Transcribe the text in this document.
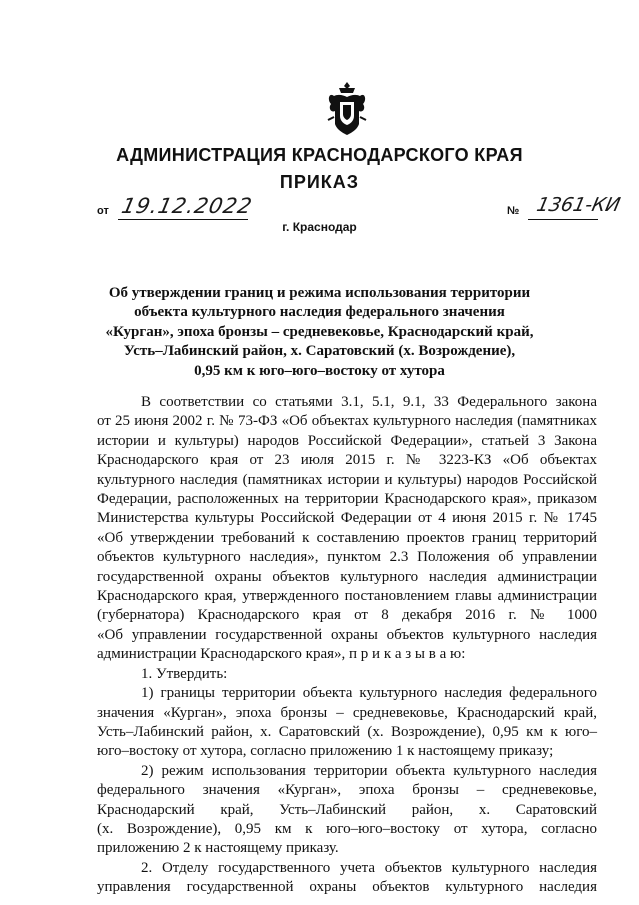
АДМИНИСТРАЦИЯ КРАСНОДАРСКОГО КРАЯ
ПРИКАЗ
от 19.12.2022
г. Краснодар
№ 1361-КИ
Об утверждении границ и режима использования территории
объекта культурного наследия федерального значения
«Курган», эпоха бронзы – средневековье, Краснодарский край,
Усть–Лабинский район, х. Саратовский (х. Возрождение),
0,95 км к юго–юго–востоку от хутора
В соответствии со статьями 3.1, 5.1, 9.1, 33 Федерального закона
от 25 июня 2002 г. № 73-ФЗ «Об объектах культурного наследия (памятниках
истории и культуры) народов Российской Федерации», статьей 3 Закона
Краснодарского края от 23 июля 2015 г. № 3223-КЗ «Об объектах
культурного наследия (памятниках истории и культуры) народов Российской
Федерации, расположенных на территории Краснодарского края», приказом
Министерства культуры Российской Федерации от 4 июня 2015 г. № 1745
«Об утверждении требований к составлению проектов границ территорий
объектов культурного наследия», пунктом 2.3 Положения об управлении
государственной охраны объектов культурного наследия администрации
Краснодарского края, утвержденного постановлением главы администрации
(губернатора) Краснодарского края от 8 декабря 2016 г. № 1000
«Об управлении государственной охраны объектов культурного наследия
администрации Краснодарского края», п р и к а з ы в а ю:
1. Утвердить:
1) границы территории объекта культурного наследия федерального
значения «Курган», эпоха бронзы – средневековье, Краснодарский край,
Усть–Лабинский район, х. Саратовский (х. Возрождение), 0,95 км к юго–
юго–востоку от хутора, согласно приложению 1 к настоящему приказу;
2) режим использования территории объекта культурного наследия
федерального значения «Курган», эпоха бронзы – средневековье,
Краснодарский край, Усть–Лабинский район, х. Саратовский
(х. Возрождение), 0,95 км к юго–юго–востоку от хутора, согласно
приложению 2 к настоящему приказу.
2. Отделу государственного учета объектов культурного наследия
управления государственной охраны объектов культурного наследия
